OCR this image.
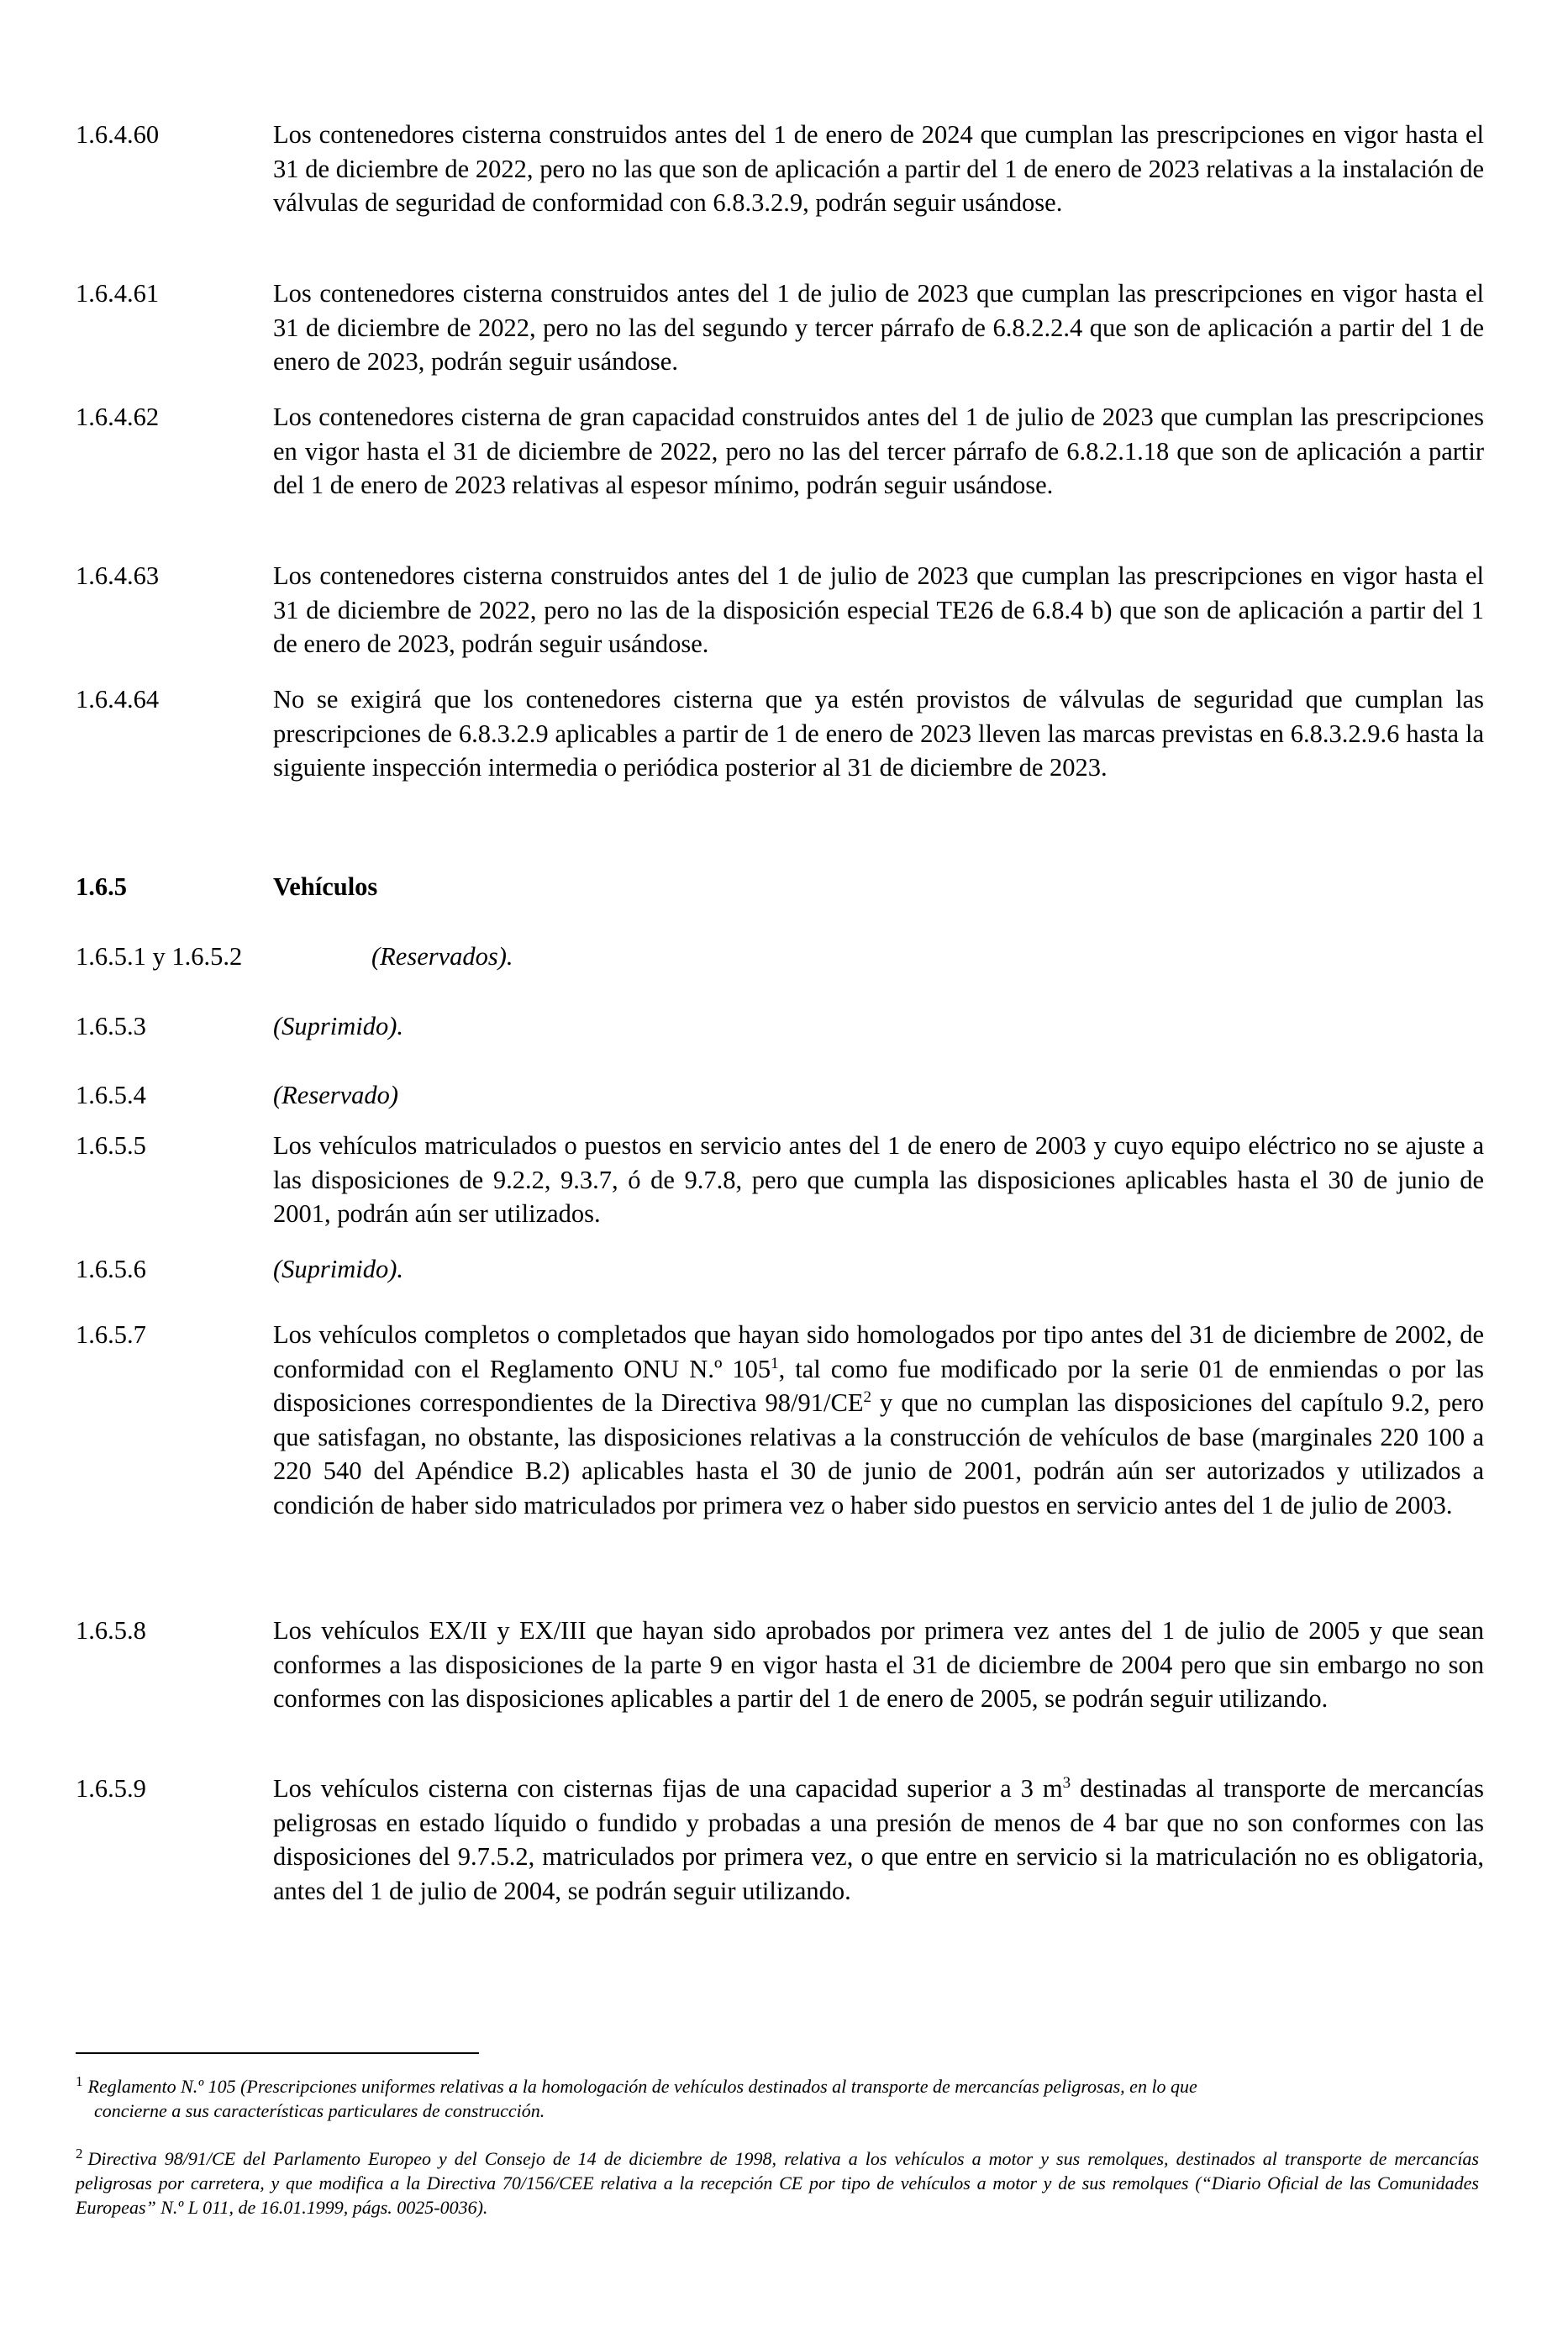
1.6.4.60	Los contenedores cisterna construidos antes del 1 de enero de 2024 que cumplan las prescripciones en vigor hasta el 31 de diciembre de 2022, pero no las que son de aplicación a partir del 1 de enero de 2023 relativas a la instalación de válvulas de seguridad de conformidad con 6.8.3.2.9, podrán seguir usándose.
1.6.4.61	Los contenedores cisterna construidos antes del 1 de julio de 2023 que cumplan las prescripciones en vigor hasta el 31 de diciembre de 2022, pero no las del segundo y tercer párrafo de 6.8.2.2.4 que son de aplicación a partir del 1 de enero de 2023, podrán seguir usándose.
1.6.4.62	Los contenedores cisterna de gran capacidad construidos antes del 1 de julio de 2023 que cumplan las prescripciones en vigor hasta el 31 de diciembre de 2022, pero no las del tercer párrafo de 6.8.2.1.18 que son de aplicación a partir del 1 de enero de 2023 relativas al espesor mínimo, podrán seguir usándose.
1.6.4.63	Los contenedores cisterna construidos antes del 1 de julio de 2023 que cumplan las prescripciones en vigor hasta el 31 de diciembre de 2022, pero no las de la disposición especial TE26 de 6.8.4 b) que son de aplicación a partir del 1 de enero de 2023, podrán seguir usándose.
1.6.4.64	No se exigirá que los contenedores cisterna que ya estén provistos de válvulas de seguridad que cumplan las prescripciones de 6.8.3.2.9 aplicables a partir de 1 de enero de 2023 lleven las marcas previstas en 6.8.3.2.9.6 hasta la siguiente inspección intermedia o periódica posterior al 31 de diciembre de 2023.
1.6.5	Vehículos
1.6.5.1 y 1.6.5.2	(Reservados).
1.6.5.3	(Suprimido).
1.6.5.4	(Reservado)
1.6.5.5	Los vehículos matriculados o puestos en servicio antes del 1 de enero de 2003 y cuyo equipo eléctrico no se ajuste a las disposiciones de 9.2.2, 9.3.7, ó de 9.7.8, pero que cumpla las disposiciones aplicables hasta el 30 de junio de 2001, podrán aún ser utilizados.
1.6.5.6	(Suprimido).
1.6.5.7	Los vehículos completos o completados que hayan sido homologados por tipo antes del 31 de diciembre de 2002, de conformidad con el Reglamento ONU N.º $105^1$, tal como fue modificado por la serie 01 de enmiendas o por las disposiciones correspondientes de la Directiva $98/91/CE^2$ y que no cumplan las disposiciones del capítulo 9.2, pero que satisfagan, no obstante, las disposiciones relativas a la construcción de vehículos de base (marginales 220 100 a 220 540 del Apéndice B.2) aplicables hasta el 30 de junio de 2001, podrán aún ser autorizados y utilizados a condición de haber sido matriculados por primera vez o haber sido puestos en servicio antes del 1 de julio de 2003.
1.6.5.8	Los vehículos EX/II y EX/III que hayan sido aprobados por primera vez antes del 1 de julio de 2005 y que sean conformes a las disposiciones de la parte 9 en vigor hasta el 31 de diciembre de 2004 pero que sin embargo no son conformes con las disposiciones aplicables a partir del 1 de enero de 2005, se podrán seguir utilizando.
1.6.5.9	Los vehículos cisterna con cisternas fijas de una capacidad superior a 3 $m^3$ destinadas al transporte de mercancías peligrosas en estado líquido o fundido y probadas a una presión de menos de 4 bar que no son conformes con las disposiciones del 9.7.5.2, matriculados por primera vez, o que entre en servicio si la matriculación no es obligatoria, antes del 1 de julio de 2004, se podrán seguir utilizando.
$^1$ Reglamento N.º 105 (Prescripciones uniformes relativas a la homologación de vehículos destinados al transporte de mercancías peligrosas, en lo que
concierne a sus características particulares de construcción.
$^2$ Directiva 98/91/CE del Parlamento Europeo y del Consejo de 14 de diciembre de 1998, relativa a los vehículos a motor y sus remolques, destinados al transporte de mercancías peligrosas por carretera, y que modifica a la Directiva 70/156/CEE relativa a la recepción CE por tipo de vehículos a motor y de sus remolques (“Diario Oficial de las Comunidades Europeas” N.º L 011, de 16.01.1999, págs. 0025-0036).
